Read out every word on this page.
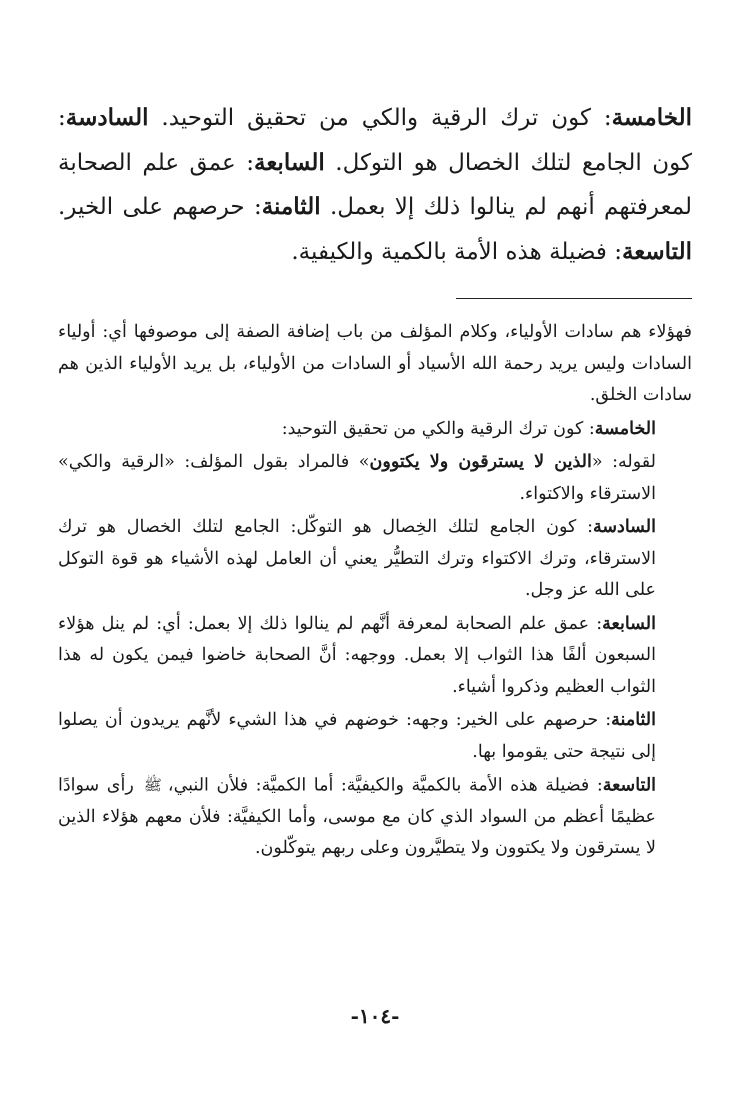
الخامسة: كون ترك الرقية والكي من تحقيق التوحيد. السادسة: كون الجامع لتلك الخصال هو التوكل. السابعة: عمق علم الصحابة لمعرفتهم أنهم لم ينالوا ذلك إلا بعمل. الثامنة: حرصهم على الخير. التاسعة: فضيلة هذه الأمة بالكمية والكيفية.

فهؤلاء هم سادات الأولياء، وكلام المؤلف من باب إضافة الصفة إلى موصوفها أي: أولياء السادات وليس يريد رحمة الله الأسياد أو السادات من الأولياء، بل يريد الأولياء الذين هم سادات الخلق.

الخامسة: كون ترك الرقية والكي من تحقيق التوحيد:

لقوله: «الذين لا يسترقون ولا يكتوون» فالمراد بقول المؤلف: «الرقية والكي» الاسترقاء والاكتواء.

السادسة: كون الجامع لتلك الخِصال هو التوكّل: الجامع لتلك الخصال هو ترك الاسترقاء، وترك الاكتواء وترك التطيُّر يعني أن العامل لهذه الأشياء هو قوة التوكل على الله عز وجل.

السابعة: عمق علم الصحابة لمعرفة أنَّهم لم ينالوا ذلك إلا بعمل: أي: لم ينل هؤلاء السبعون ألفًا هذا الثواب إلا بعمل. ووجهه: أنَّ الصحابة خاضوا فيمن يكون له هذا الثواب العظيم وذكروا أشياء.

الثامنة: حرصهم على الخير: وجهه: خوضهم في هذا الشيء لأنَّهم يريدون أن يصلوا إلى نتيجة حتى يقوموا بها.

التاسعة: فضيلة هذه الأمة بالكميَّة والكيفيَّة: أما الكميَّة: فلأن النبي،ﷺرأى سوادًا عظيمًا أعظم من السواد الذي كان مع موسى، وأما الكيفيَّة: فلأن معهم هؤلاء الذين لا يسترقون ولا يكتوون ولا يتطيَّرون وعلى ربهم يتوكّلون.

-١٠٤-
